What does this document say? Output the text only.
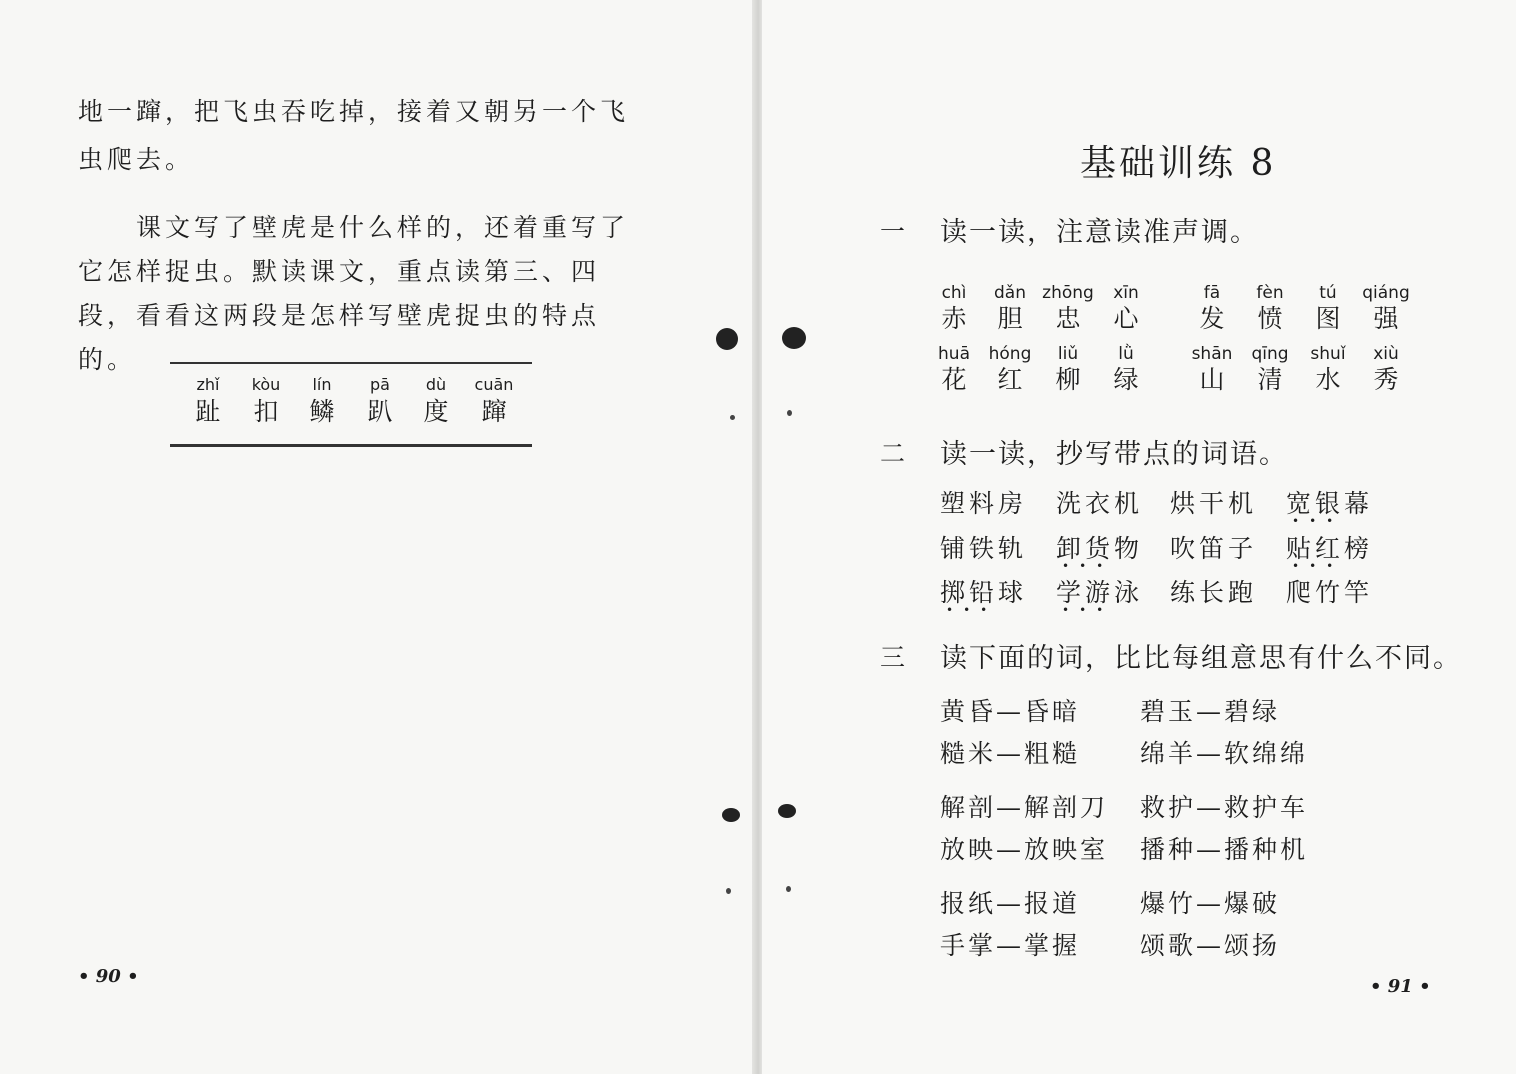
地一蹿，把飞虫吞吃掉，接着又朝另一个飞虫爬去。

课文写了壁虎是什么样的，还着重写了它怎样捉虫。默读课文，重点读第三、四段，看看这两段是怎样写壁虎捉虫的特点的。

zhǐ
趾
kòu
扣
lín
鳞
pā
趴
dù
度
cuān
蹿
• 90 •
基础训练 8
一 读一读，注意读准声调。
chì
赤
dǎn
胆
zhōng
忠
xīn
心
fā
发
fèn
愤
tú
图
qiáng
强
huā
花
hóng
红
liǔ
柳
lǜ
绿
shān
山
qīng
清
shuǐ
水
xiù
秀
二 读一读，抄写带点的词语。
塑料房 洗衣机 烘干机 宽银幕
•••
铺铁轨 卸货物
•••
吹笛子 贴红榜
•••
掷铅球
•••
学游泳
•••
练长跑 爬竹竿
三 读下面的词，比比每组意思有什么不同。
黄昏—昏暗 碧玉—碧绿
糙米—粗糙 绵羊—软绵绵
解剖—解剖刀 救护—救护车
放映—放映室 播种—播种机
报纸—报道 爆竹—爆破
手掌—掌握 颂歌—颂扬
• 91 •
